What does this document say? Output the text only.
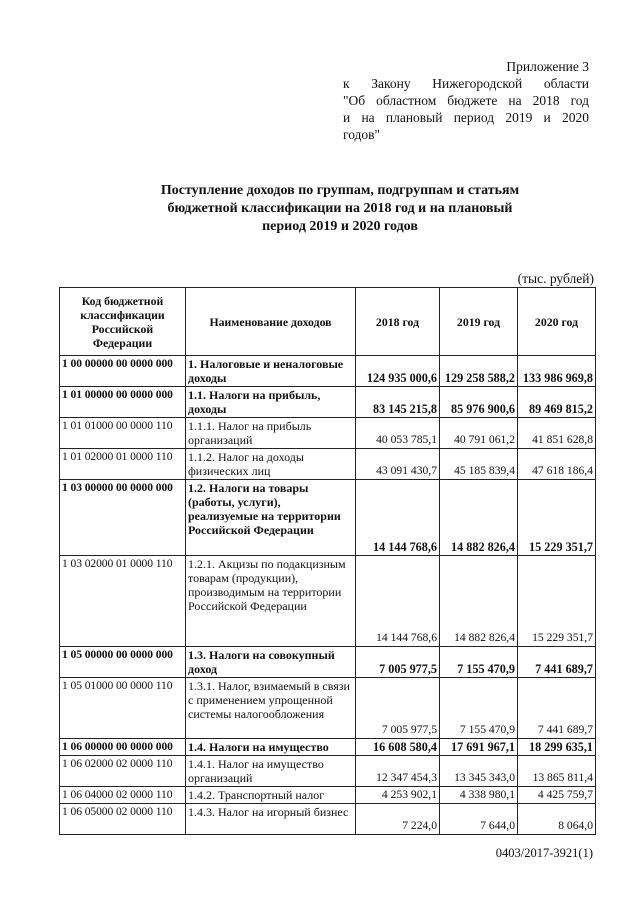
Приложение 3
к Закону Нижегородской области
"Об областном бюджете на 2018 год
и на плановый период 2019 и 2020
годов"
Поступление доходов по группам, подгруппам и статьям
бюджетной классификации на 2018 год и на плановый
период 2019 и 2020 годов
(тыс. рублей)
Код бюджетной классификации Российской Федерации	Наименование доходов	2018 год	2019 год	2020 год
1 00 00000 00 0000 000	1. Налоговые и неналоговые доходы	124 935 000,6	129 258 588,2	133 986 969,8
1 01 00000 00 0000 000	1.1. Налоги на прибыль, доходы	83 145 215,8	85 976 900,6	89 469 815,2
1 01 01000 00 0000 110	1.1.1. Налог на прибыль организаций	40 053 785,1	40 791 061,2	41 851 628,8
1 01 02000 01 0000 110	1.1.2. Налог на доходы физических лиц	43 091 430,7	45 185 839,4	47 618 186,4
1 03 00000 00 0000 000	1.2. Налоги на товары (работы, услуги), реализуемые на территории Российской Федерации	14 144 768,6	14 882 826,4	15 229 351,7
1 03 02000 01 0000 110	1.2.1. Акцизы по подакцизным товарам (продукции), производимым на территории Российской Федерации	14 144 768,6	14 882 826,4	15 229 351,7
1 05 00000 00 0000 000	1.3. Налоги на совокупный доход	7 005 977,5	7 155 470,9	7 441 689,7
1 05 01000 00 0000 110	1.3.1. Налог, взимаемый в связи с применением упрощенной системы налогообложения	7 005 977,5	7 155 470,9	7 441 689,7
1 06 00000 00 0000 000	1.4. Налоги на имущество	16 608 580,4	17 691 967,1	18 299 635,1
1 06 02000 02 0000 110	1.4.1. Налог на имущество организаций	12 347 454,3	13 345 343,0	13 865 811,4
1 06 04000 02 0000 110	1.4.2. Транспортный налог	4 253 902,1	4 338 980,1	4 425 759,7
1 06 05000 02 0000 110	1.4.3. Налог на игорный бизнес	7 224,0	7 644,0	8 064,0
0403/2017-3921(1)
